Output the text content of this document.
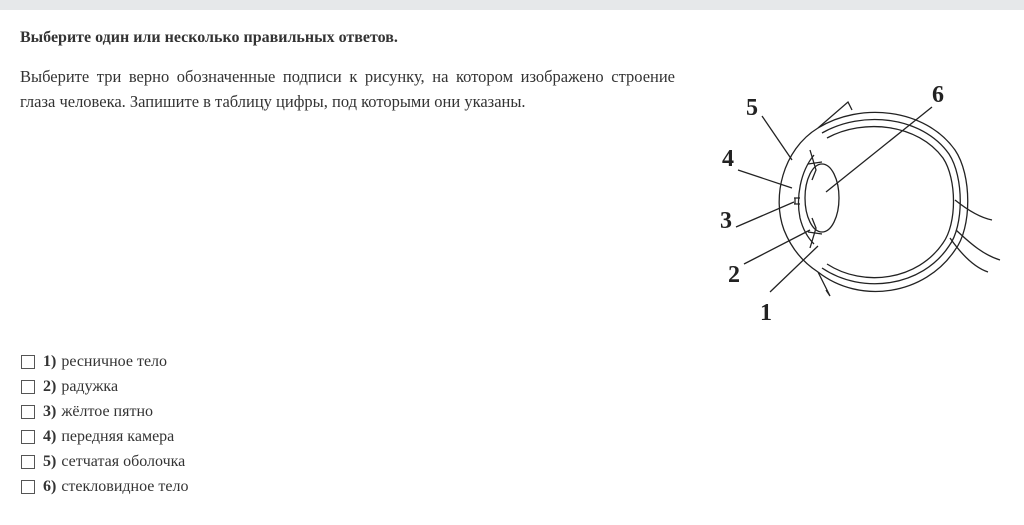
Выберите один или несколько правильных ответов.

Выберите три верно обозначенные подписи к рисунку, на котором изображено строение глаза человека. Запишите в таблицу цифры, под которыми они указаны.	5
4
3
2
1
6
1) ресничное тело
2) радужка
3) жёлтое пятно
4) передняя камера
5) сетчатая оболочка
6) стекловидное тело
